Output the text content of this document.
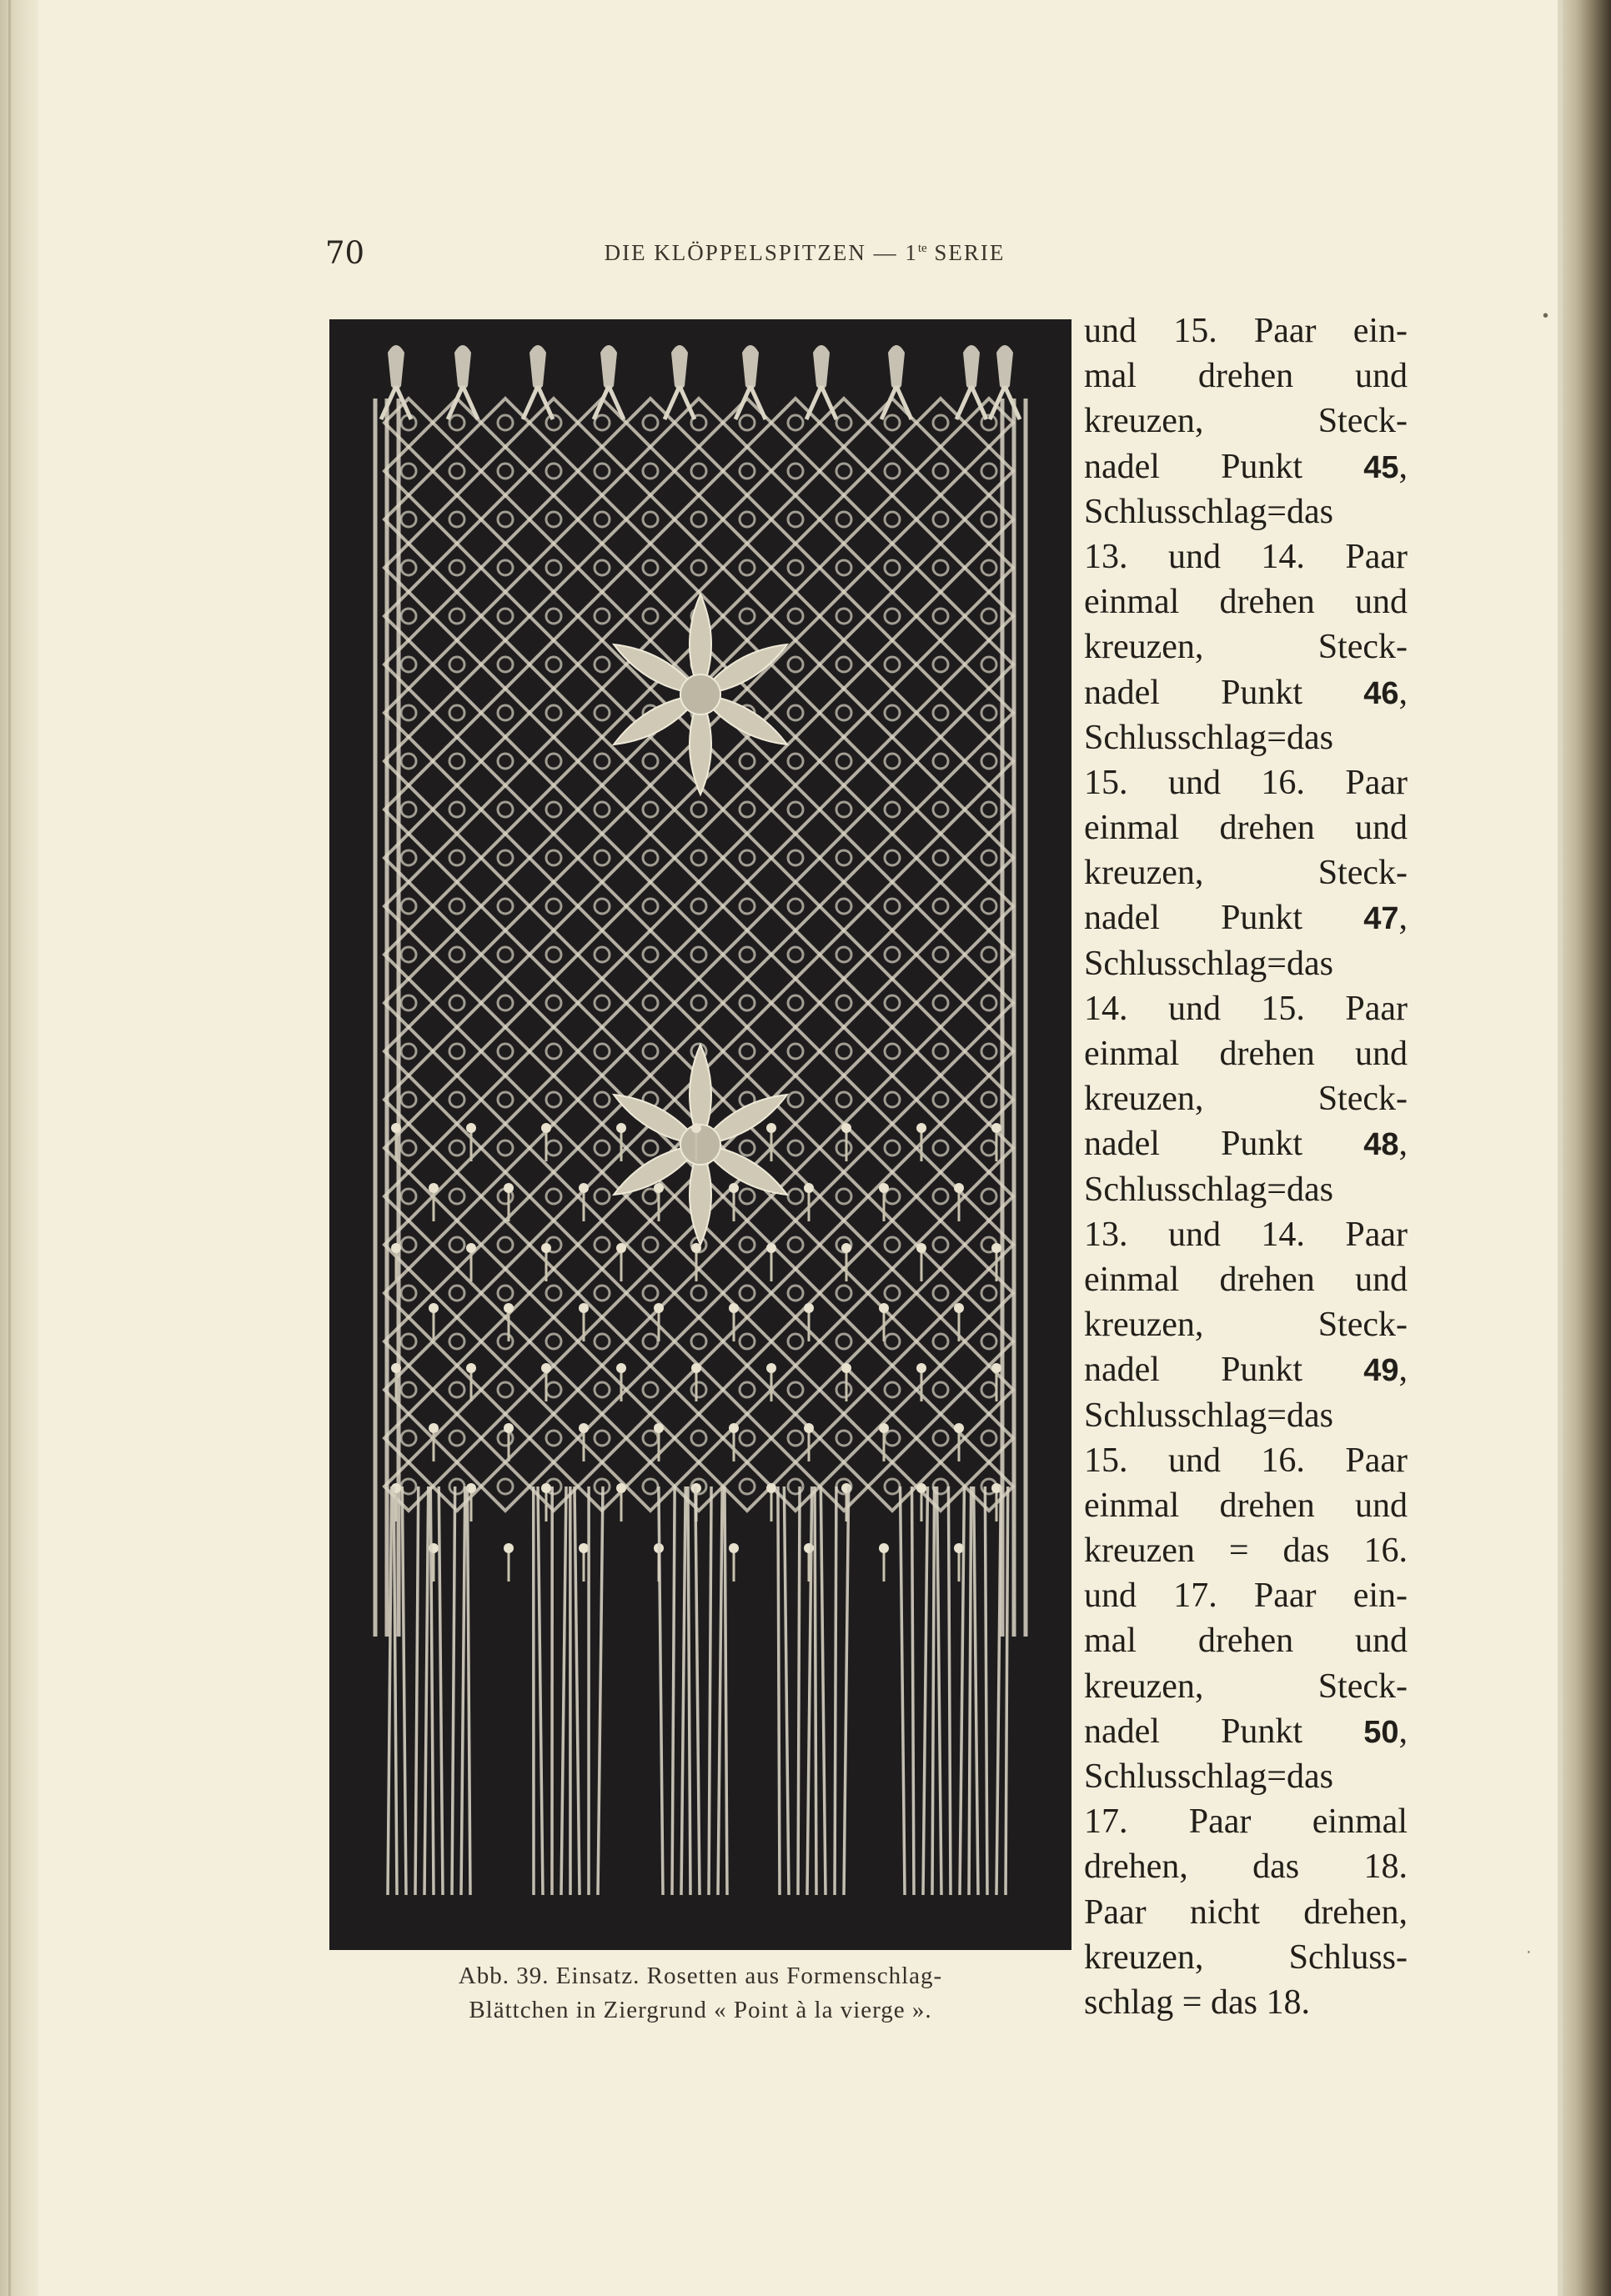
70	DIE KLÖPPELSPITZEN — $1^{te}$ SERIE
Abb. 39. Einsatz. Rosetten aus Formenschlag-
Blättchen in Ziergrund « Point à la vierge ».
und 15. Paar ein-
mal drehen und
kreuzen, Steck-
nadel Punkt 45,
Schlusschlag=das
13. und 14. Paar
einmal drehen und
kreuzen, Steck-
nadel Punkt 46,
Schlusschlag=das
15. und 16. Paar
einmal drehen und
kreuzen, Steck-
nadel Punkt 47,
Schlusschlag=das
14. und 15. Paar
einmal drehen und
kreuzen, Steck-
nadel Punkt 48,
Schlusschlag=das
13. und 14. Paar
einmal drehen und
kreuzen, Steck-
nadel Punkt 49,
Schlusschlag=das
15. und 16. Paar
einmal drehen und
kreuzen = das 16.
und 17. Paar ein-
mal drehen und
kreuzen, Steck-
nadel Punkt 50,
Schlusschlag=das
17. Paar einmal
drehen, das 18.
Paar nicht drehen,
kreuzen, Schluss-
schlag = das 18.
•
·
